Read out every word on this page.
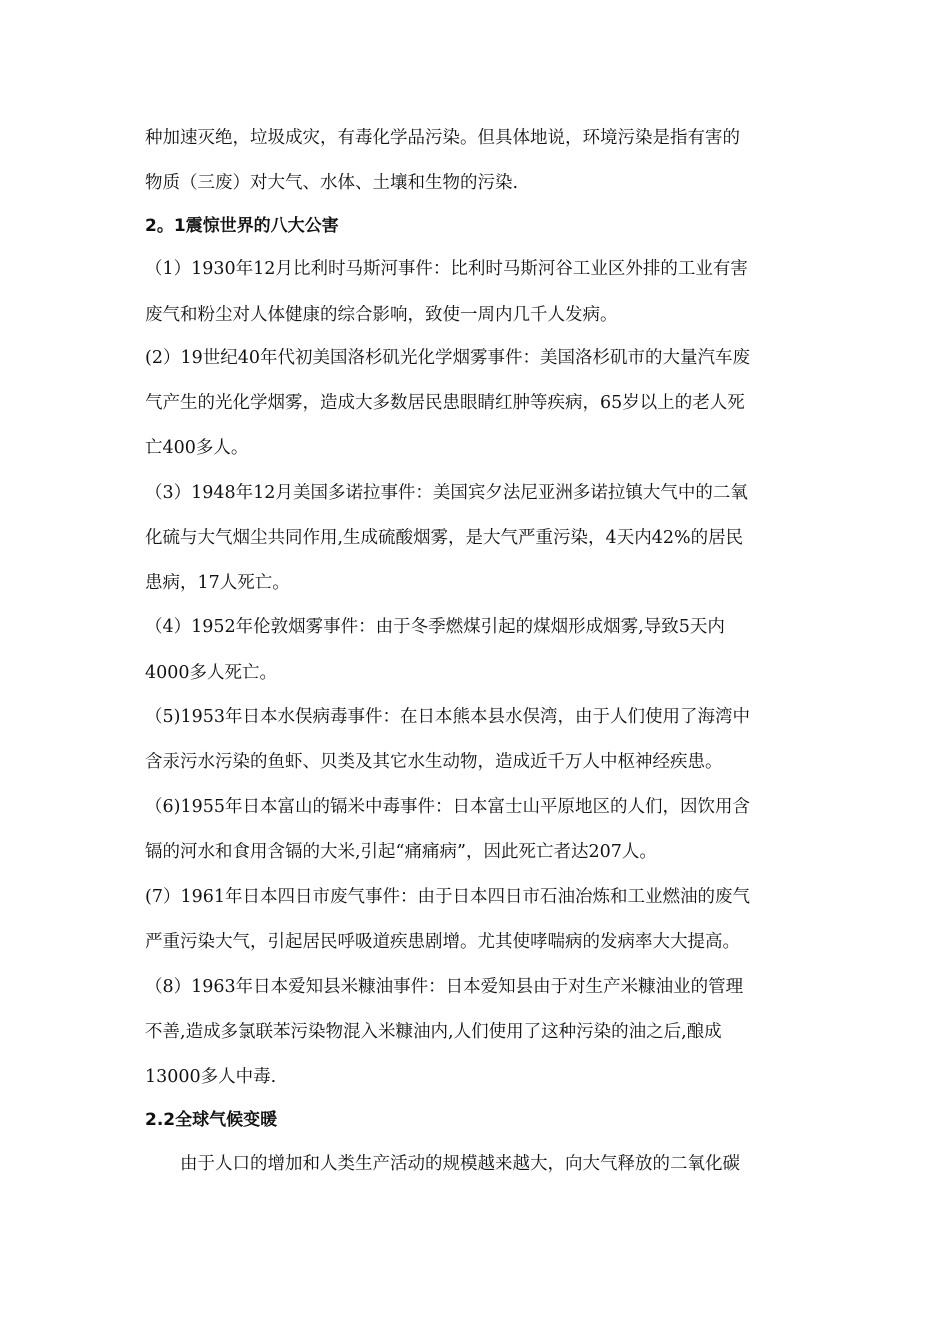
种加速灭绝，垃圾成灾，有毒化学品污染。但具体地说，环境污染是指有害的
物质（三废）对大气、水体、土壤和生物的污染.
2。1震惊世界的八大公害
（1）1930年12月比利时马斯河事件：比利时马斯河谷工业区外排的工业有害
废气和粉尘对人体健康的综合影响，致使一周内几千人发病。
(2）19世纪40年代初美国洛杉矶光化学烟雾事件：美国洛杉矶市的大量汽车废
气产生的光化学烟雾，造成大多数居民患眼睛红肿等疾病，65岁以上的老人死
亡400多人。
（3）1948年12月美国多诺拉事件：美国宾夕法尼亚洲多诺拉镇大气中的二氧
化硫与大气烟尘共同作用,生成硫酸烟雾，是大气严重污染，4天内42%的居民
患病，17人死亡。
（4）1952年伦敦烟雾事件：由于冬季燃煤引起的煤烟形成烟雾,导致5天内
4000多人死亡。
（5)1953年日本水俣病毒事件：在日本熊本县水俣湾，由于人们使用了海湾中
含汞污水污染的鱼虾、贝类及其它水生动物，造成近千万人中枢神经疾患。
（6)1955年日本富山的镉米中毒事件：日本富士山平原地区的人们，因饮用含
镉的河水和食用含镉的大米,引起“痛痛病”，因此死亡者达207人。
(7）1961年日本四日市废气事件：由于日本四日市石油冶炼和工业燃油的废气
严重污染大气，引起居民呼吸道疾患剧增。尤其使哮喘病的发病率大大提高。
（8）1963年日本爱知县米糠油事件：日本爱知县由于对生产米糠油业的管理
不善,造成多氯联苯污染物混入米糠油内,人们使用了这种污染的油之后,酿成
13000多人中毒.
2.2全球气候变暖
由于人口的增加和人类生产活动的规模越来越大，向大气释放的二氧化碳
